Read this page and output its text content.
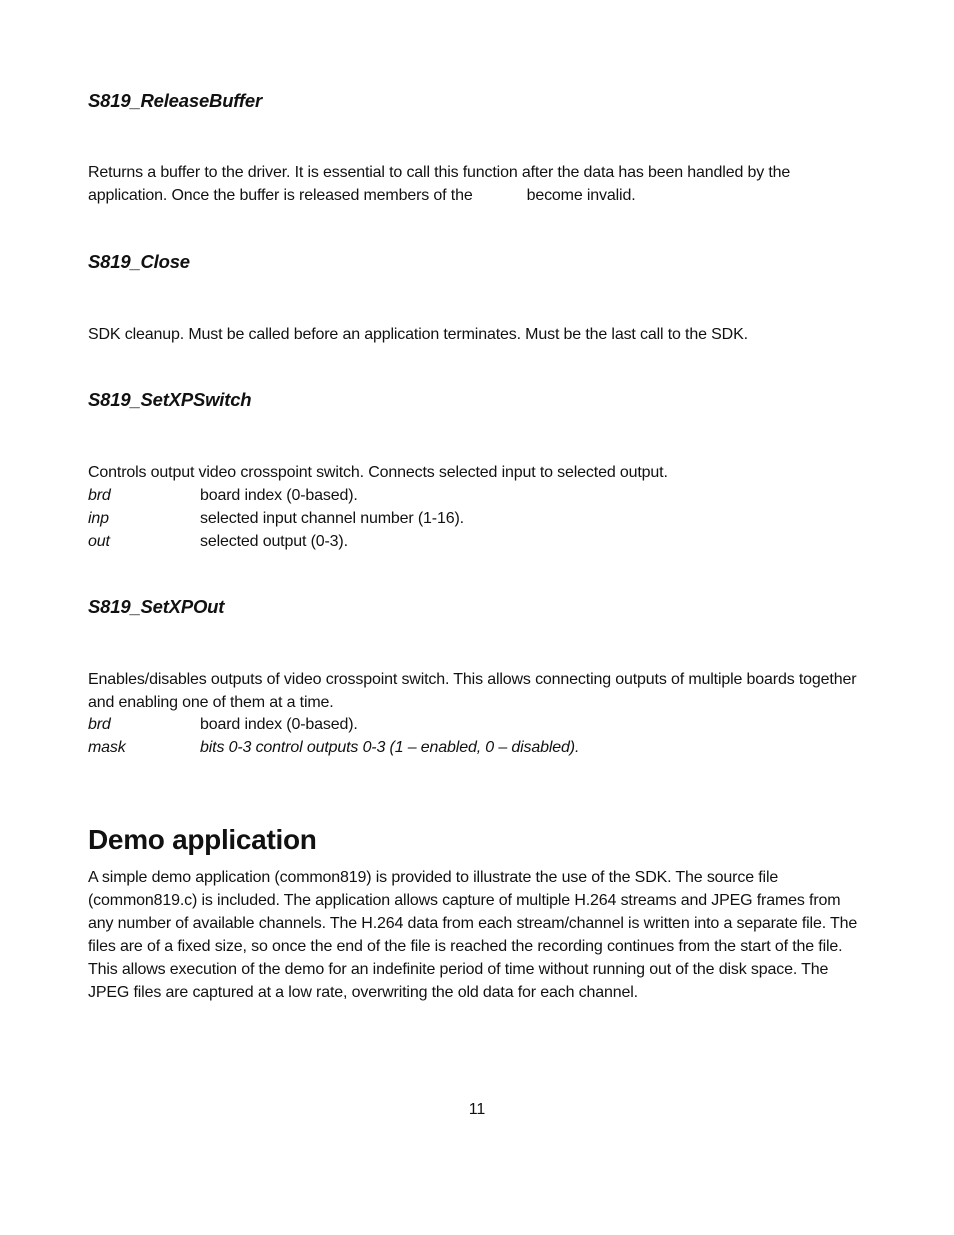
S819_ReleaseBuffer
Returns a buffer to the driver. It is essential to call this function after the data has been handled by the application. Once the buffer is released members of the	become invalid.
S819_Close
SDK cleanup. Must be called before an application terminates. Must be the last call to the SDK.
S819_SetXPSwitch
Controls output video crosspoint switch. Connects selected input to selected output.
brd	board index (0-based).
inp	selected input channel number (1-16).
out	selected output (0-3).
S819_SetXPOut
Enables/disables outputs of video crosspoint switch. This allows connecting outputs of multiple boards together and enabling one of them at a time.
brd	board index (0-based).
mask	bits 0-3 control outputs 0-3 (1 – enabled, 0 – disabled).
Demo application
A simple demo application (common819) is provided to illustrate the use of the SDK. The source file (common819.c) is included. The application allows capture of multiple H.264 streams and JPEG frames from any number of available channels. The H.264 data from each stream/channel is written into a separate file. The files are of a fixed size, so once the end of the file is reached the recording continues from the start of the file. This allows execution of the demo for an indefinite period of time without running out of the disk space. The JPEG files are captured at a low rate, overwriting the old data for each channel.
11
